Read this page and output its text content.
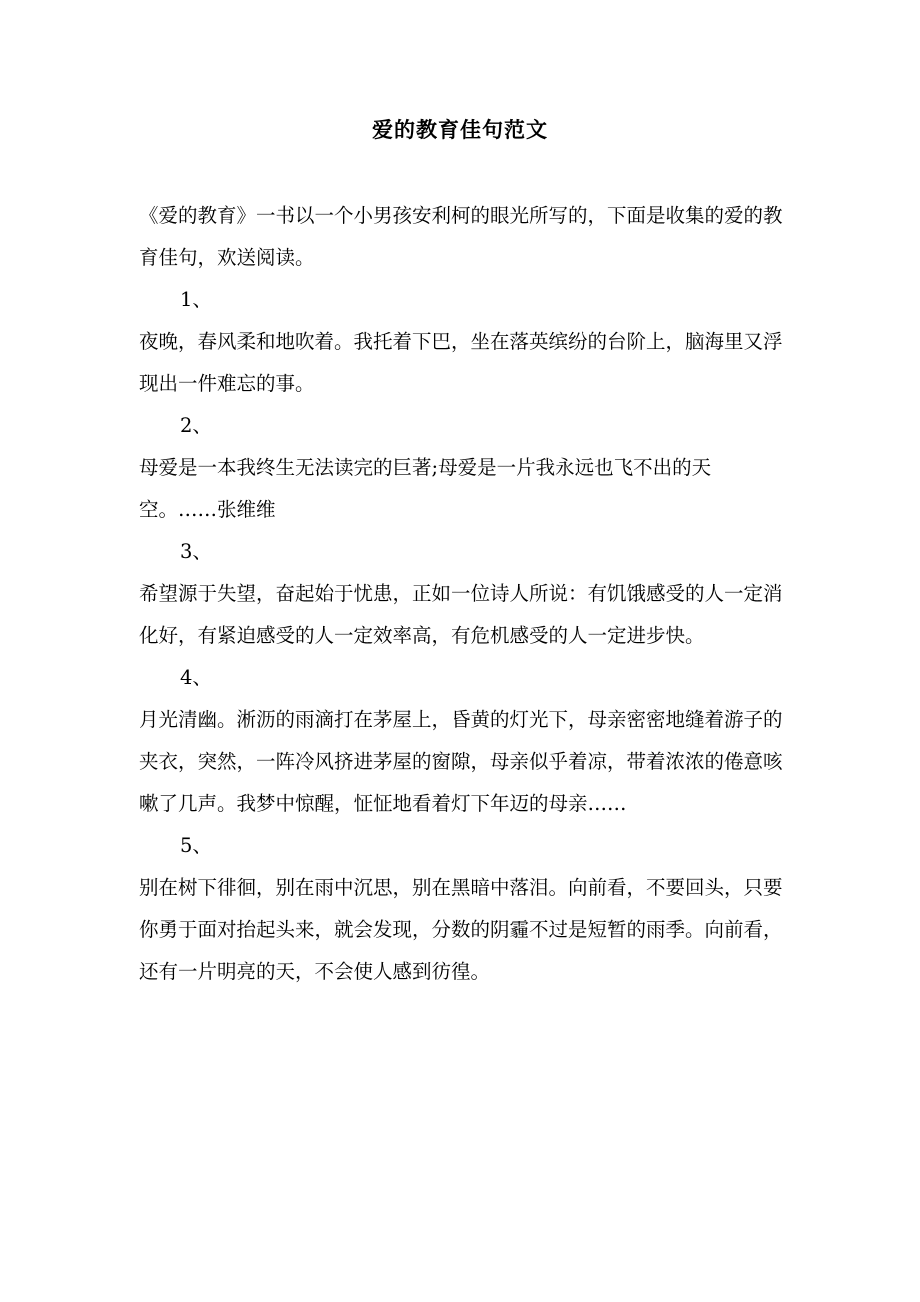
爱的教育佳句范文

《爱的教育》一书以一个小男孩安利柯的眼光所写的，下面是收集的爱的教育佳句，欢送阅读。

1、

夜晚，春风柔和地吹着。我托着下巴，坐在落英缤纷的台阶上，脑海里又浮现出一件难忘的事。

2、

母爱是一本我终生无法读完的巨著;母爱是一片我永远也飞不出的天空。……张维维

3、

希望源于失望，奋起始于忧患，正如一位诗人所说：有饥饿感受的人一定消化好，有紧迫感受的人一定效率高，有危机感受的人一定进步快。

4、

月光清幽。淅沥的雨滴打在茅屋上，昏黄的灯光下，母亲密密地缝着游子的夹衣，突然，一阵冷风挤进茅屋的窗隙，母亲似乎着凉，带着浓浓的倦意咳嗽了几声。我梦中惊醒，怔怔地看着灯下年迈的母亲……

5、

别在树下徘徊，别在雨中沉思，别在黑暗中落泪。向前看，不要回头，只要你勇于面对抬起头来，就会发现，分数的阴霾不过是短暂的雨季。向前看，还有一片明亮的天，不会使人感到彷徨。
